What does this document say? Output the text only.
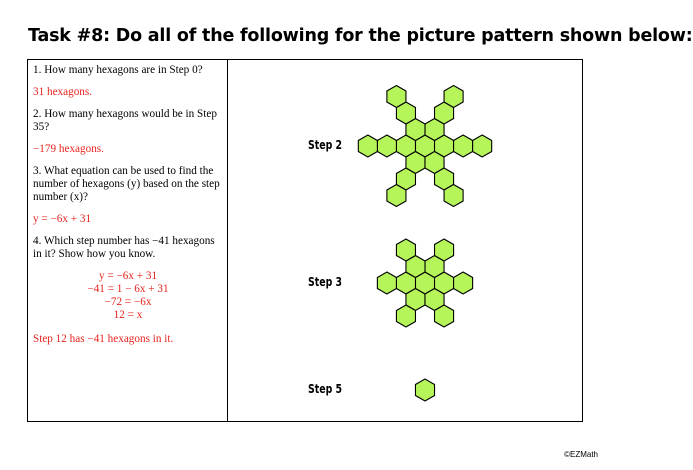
Task #8: Do all of the following for the picture pattern shown below:

1. How many hexagons are in Step 0?

31 hexagons.

2. How many hexagons would be in Step 35?

−179 hexagons.

3. What equation can be used to find the number of hexagons (y) based on the step number (x)?

y = −6x + 31

4. Which step number has −41 hexagons in it? Show how you know.

y = −6x + 31
−41 = 1 − 6x + 31
−72 = −6x
12 = x

Step 12 has −41 hexagons in it.

Step 2
Step 3
Step 5
©EZMath
